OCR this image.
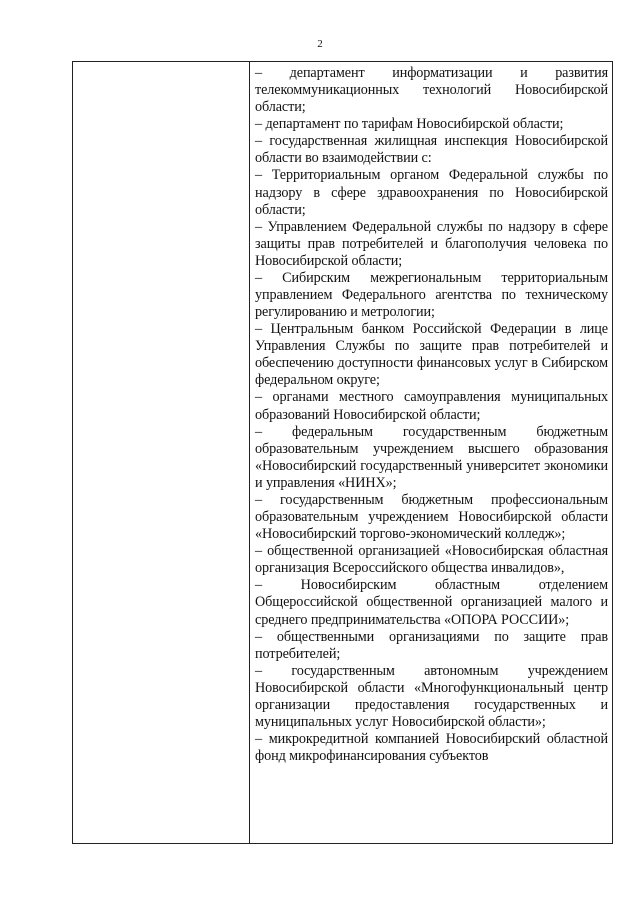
2

– департамент информатизации и развития телекоммуникационных технологий Новосибирской области;

– департамент по тарифам Новосибирской области;

– государственная жилищная инспекция Новосибирской области во взаимодействии с:

– Территориальным органом Федеральной службы по надзору в сфере здравоохранения по Новосибирской области;

– Управлением Федеральной службы по надзору в сфере защиты прав потребителей и благополучия человека по Новосибирской области;

– Сибирским межрегиональным территориальным управлением Федерального агентства по техническому регулированию и метрологии;

– Центральным банком Российской Федерации в лице Управления Службы по защите прав потребителей и обеспечению доступности финансовых услуг в Сибирском федеральном округе;

– органами местного самоуправления муниципальных образований Новосибирской области;

– федеральным государственным бюджетным образовательным учреждением высшего образования «Новосибирский государственный университет экономики и управления «НИНХ»;

– государственным бюджетным профессиональным образовательным учреждением Новосибирской области «Новосибирский торгово-экономический колледж»;

– общественной организацией «Новосибирская областная организация Всероссийского общества инвалидов»,

– Новосибирским областным отделением Общероссийской общественной организацией малого и среднего предпринимательства «ОПОРА РОССИИ»;

– общественными организациями по защите прав потребителей;

– государственным автономным учреждением Новосибирской области «Многофункциональный центр организации предоставления государственных и муниципальных услуг Новосибирской области»;

– микрокредитной компанией Новосибирский областной фонд микрофинансирования субъектов
